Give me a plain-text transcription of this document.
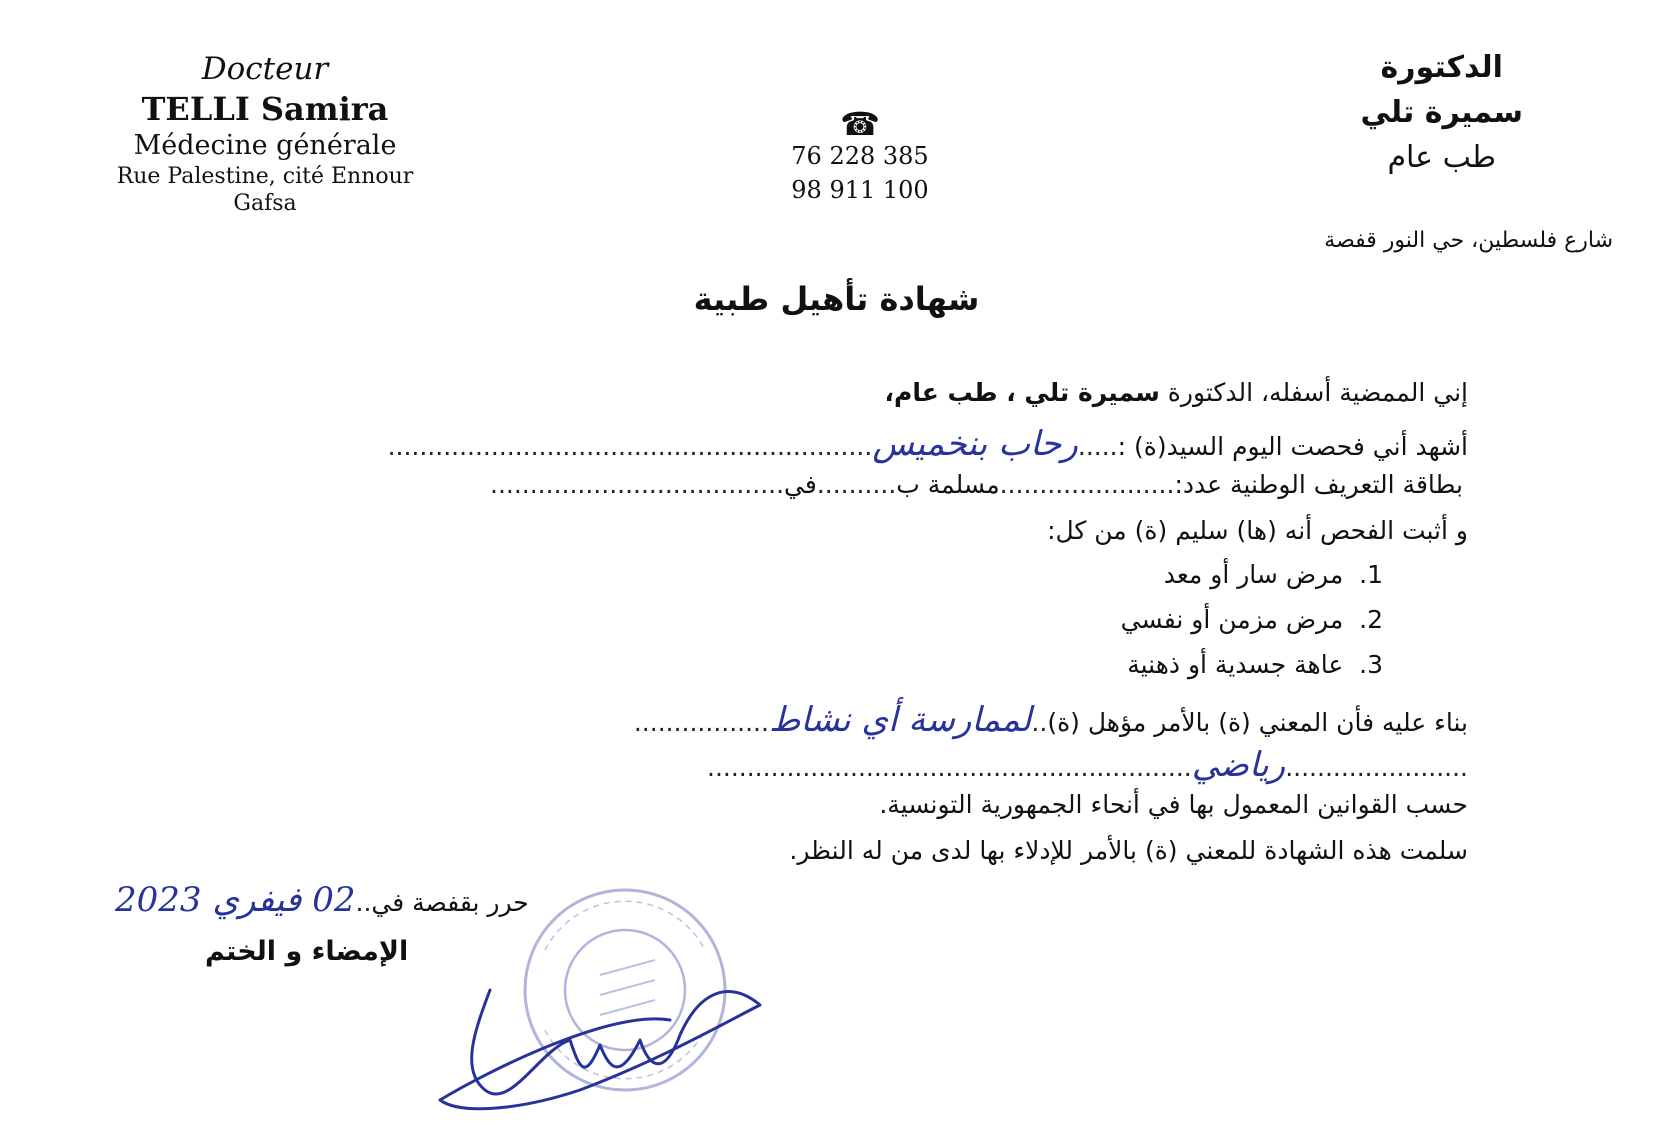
Docteur
TELLI Samira
Médecine générale
Rue Palestine, cité Ennour
Gafsa
☎
76 228 385
98 911 100
الدكتورة
سميرة تلي
طب عام
شارع فلسطين، حي النور قفصة
شهادة تأهيل طبية
إني الممضية أسفله، الدكتورة سميرة تلي ، طب عام،
أشهد أني فحصت اليوم السيد(ة) :.....رحاب بنخميس.............................................................
بطاقة التعريف الوطنية عدد:......................مسلمة ب..........في.....................................
و أثبت الفحص أنه (ها) سليم (ة) من كل:
1.  مرض سار أو معد
2.  مرض مزمن أو نفسي
3.  عاهة جسدية أو ذهنية
بناء عليه فأن المعني (ة) بالأمر مؤهل (ة)..لممارسة أي نشاط.................
.......................رياضي.............................................................
حسب القوانين المعمول بها في أنحاء الجمهورية التونسية.
سلمت هذه الشهادة للمعني (ة) بالأمر للإدلاء بها لدى من له النظر.
حرر بقفصة في..02 فيفري 2023
الإمضاء و الختم
